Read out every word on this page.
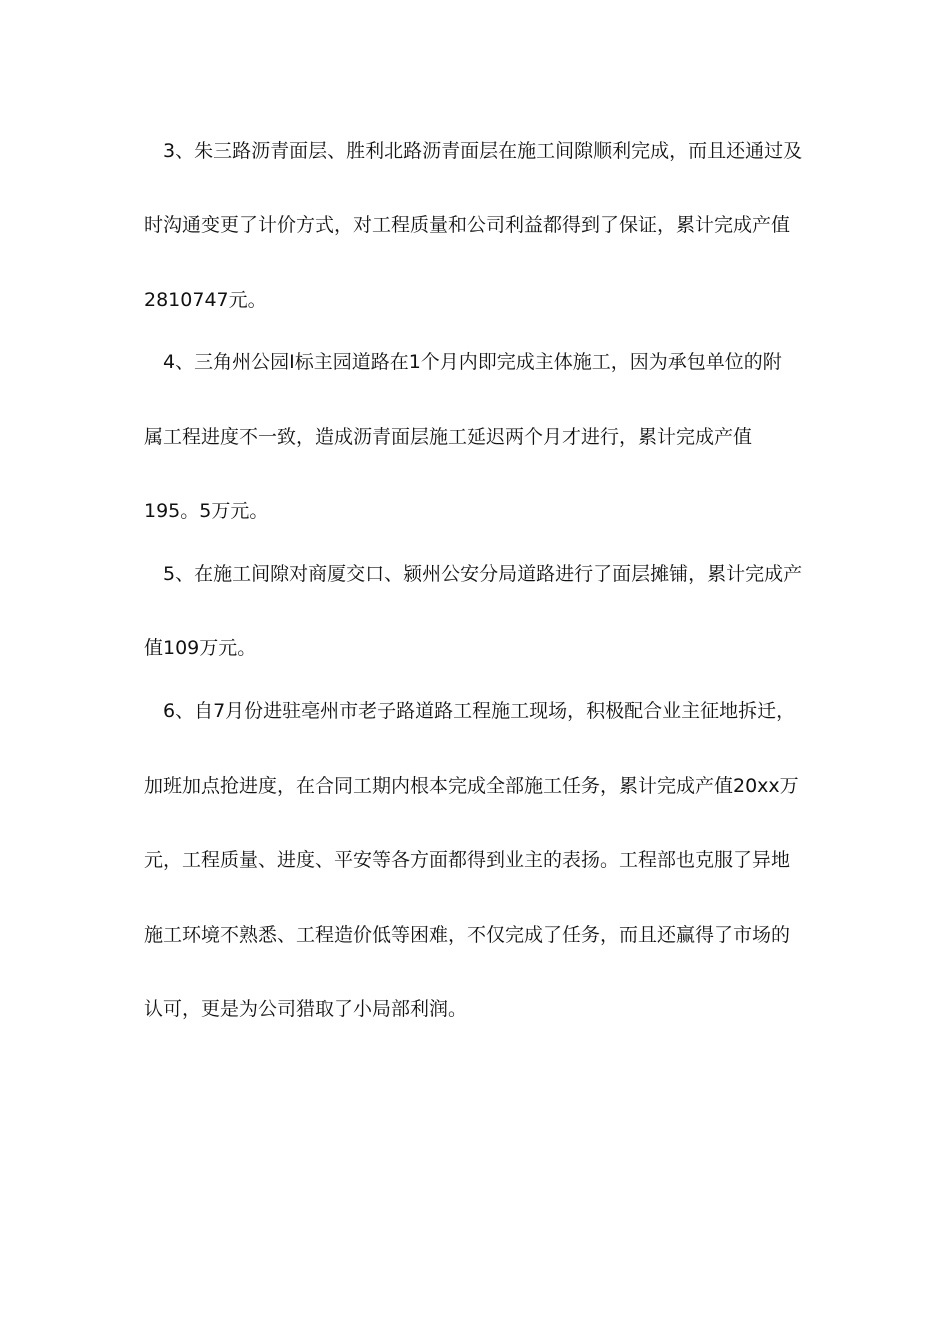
3、朱三路沥青面层、胜利北路沥青面层在施工间隙顺利完成，而且还通过及
时沟通变更了计价方式，对工程质量和公司利益都得到了保证，累计完成产值
2810747元。
4、三角州公园Ⅰ标主园道路在1个月内即完成主体施工，因为承包单位的附
属工程进度不一致，造成沥青面层施工延迟两个月才进行，累计完成产值
195。5万元。
5、在施工间隙对商厦交口、颍州公安分局道路进行了面层摊铺，累计完成产
值109万元。
6、自7月份进驻亳州市老子路道路工程施工现场，积极配合业主征地拆迁，
加班加点抢进度，在合同工期内根本完成全部施工任务，累计完成产值20xx万
元，工程质量、进度、平安等各方面都得到业主的表扬。工程部也克服了异地
施工环境不熟悉、工程造价低等困难，不仅完成了任务，而且还赢得了市场的
认可，更是为公司猎取了小局部利润。
